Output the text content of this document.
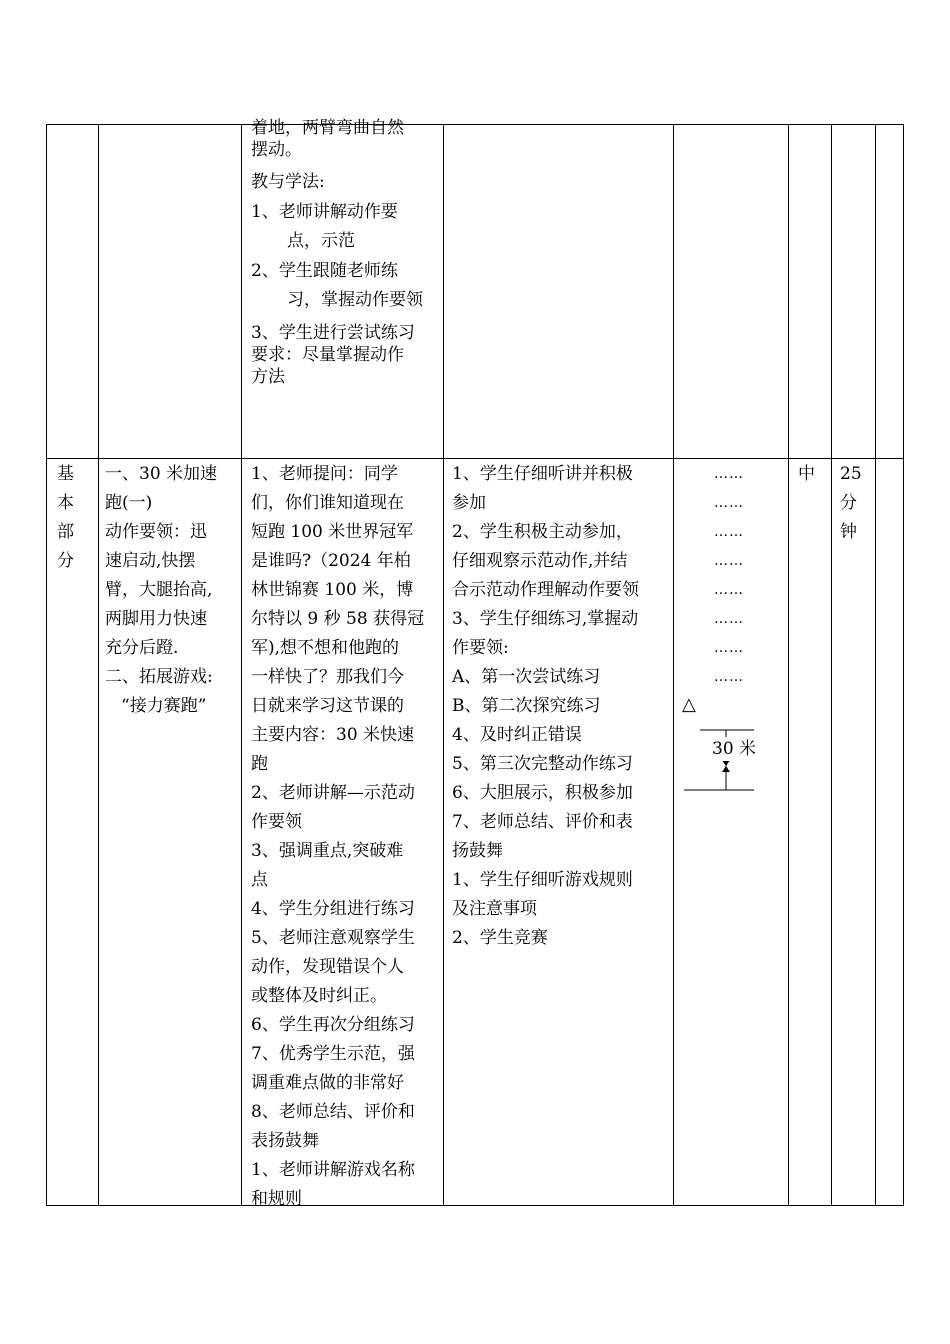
着地，两臂弯曲自然
摆动。
教与学法:
1、老师讲解动作要
点，示范
2、学生跟随老师练
习，掌握动作要领
3、学生进行尝试练习
要求：尽量掌握动作
方法
基
本
部
分
一、30 米加速
跑(一)
动作要领：迅
速启动,快摆
臂，大腿抬高,
两脚用力快速
充分后蹬.
二、拓展游戏:
“接力赛跑”
1、老师提问：同学
们，你们谁知道现在
短跑 100 米世界冠军
是谁吗?（2024 年柏
林世锦赛 100 米，博
尔特以 9 秒 58 获得冠
军),想不想和他跑的
一样快了？那我们今
日就来学习这节课的
主要内容：30 米快速
跑
2、老师讲解—示范动
作要领
3、强调重点,突破难
点
4、学生分组进行练习
5、老师注意观察学生
动作，发现错误个人
或整体及时纠正。
6、学生再次分组练习
7、优秀学生示范，强
调重难点做的非常好
8、老师总结、评价和
表扬鼓舞
1、老师讲解游戏名称
和规则
1、学生仔细听讲并积极
参加
2、学生积极主动参加，
仔细观察示范动作,并结
合示范动作理解动作要领
3、学生仔细练习,掌握动
作要领:
A、第一次尝试练习
B、第二次探究练习
4、及时纠正错误
5、第三次完整动作练习
6、大胆展示，积极参加
7、老师总结、评价和表
扬鼓舞
1、学生仔细听游戏规则
及注意事项
2、学生竞赛
……
……
……
……
……
……
……
……
△
30 米
中	25
分
钟
